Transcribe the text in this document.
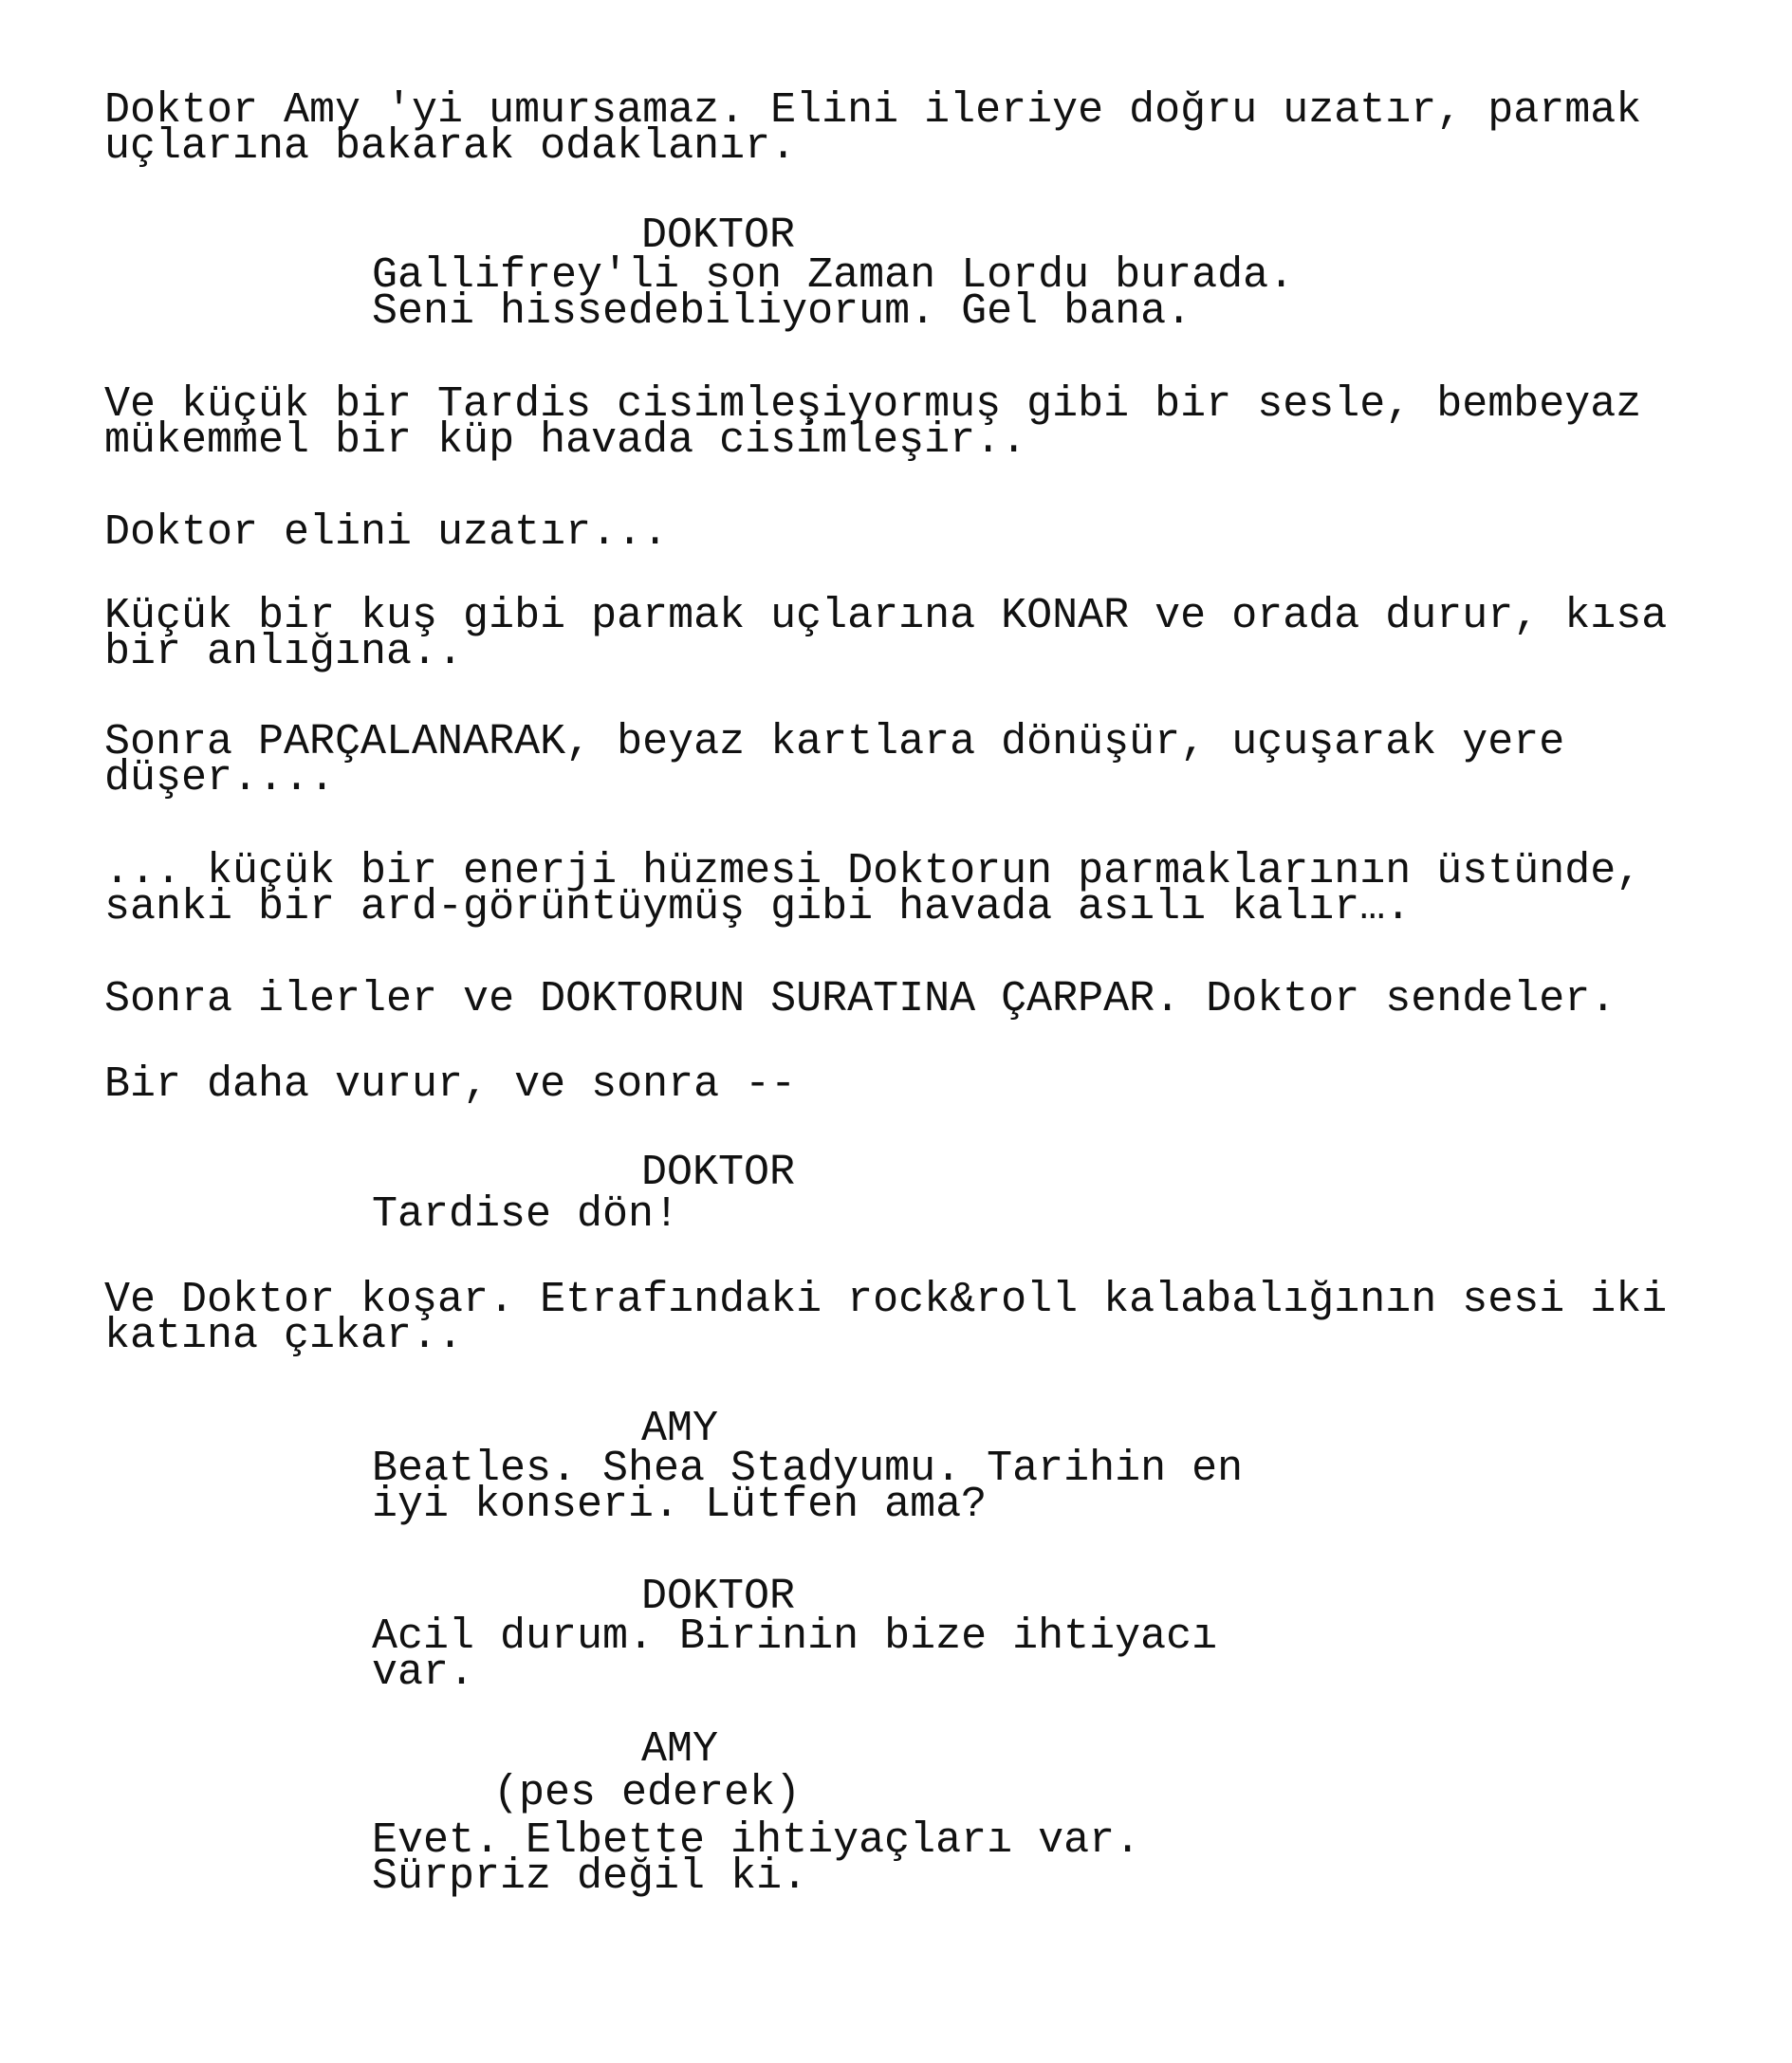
Doktor Amy 'yi umursamaz. Elini ileriye doğru uzatır, parmak
uçlarına bakarak odaklanır.
DOKTOR
Gallifrey'li son Zaman Lordu burada.
Seni hissedebiliyorum. Gel bana.
Ve küçük bir Tardis cisimleşiyormuş gibi bir sesle, bembeyaz
mükemmel bir küp havada cisimleşir..
Doktor elini uzatır...
Küçük bir kuş gibi parmak uçlarına KONAR ve orada durur, kısa
bir anlığına..
Sonra PARÇALANARAK, beyaz kartlara dönüşür, uçuşarak yere
düşer....
... küçük bir enerji hüzmesi Doktorun parmaklarının üstünde,
sanki bir ard-görüntüymüş gibi havada asılı kalır….
Sonra ilerler ve DOKTORUN SURATINA ÇARPAR. Doktor sendeler.
Bir daha vurur, ve sonra --
DOKTOR
Tardise dön!
Ve Doktor koşar. Etrafındaki rock&roll kalabalığının sesi iki
katına çıkar..
AMY
Beatles. Shea Stadyumu. Tarihin en
iyi konseri. Lütfen ama?
DOKTOR
Acil durum. Birinin bize ihtiyacı
var.
AMY
(pes ederek)
Evet. Elbette ihtiyaçları var.
Sürpriz değil ki.
